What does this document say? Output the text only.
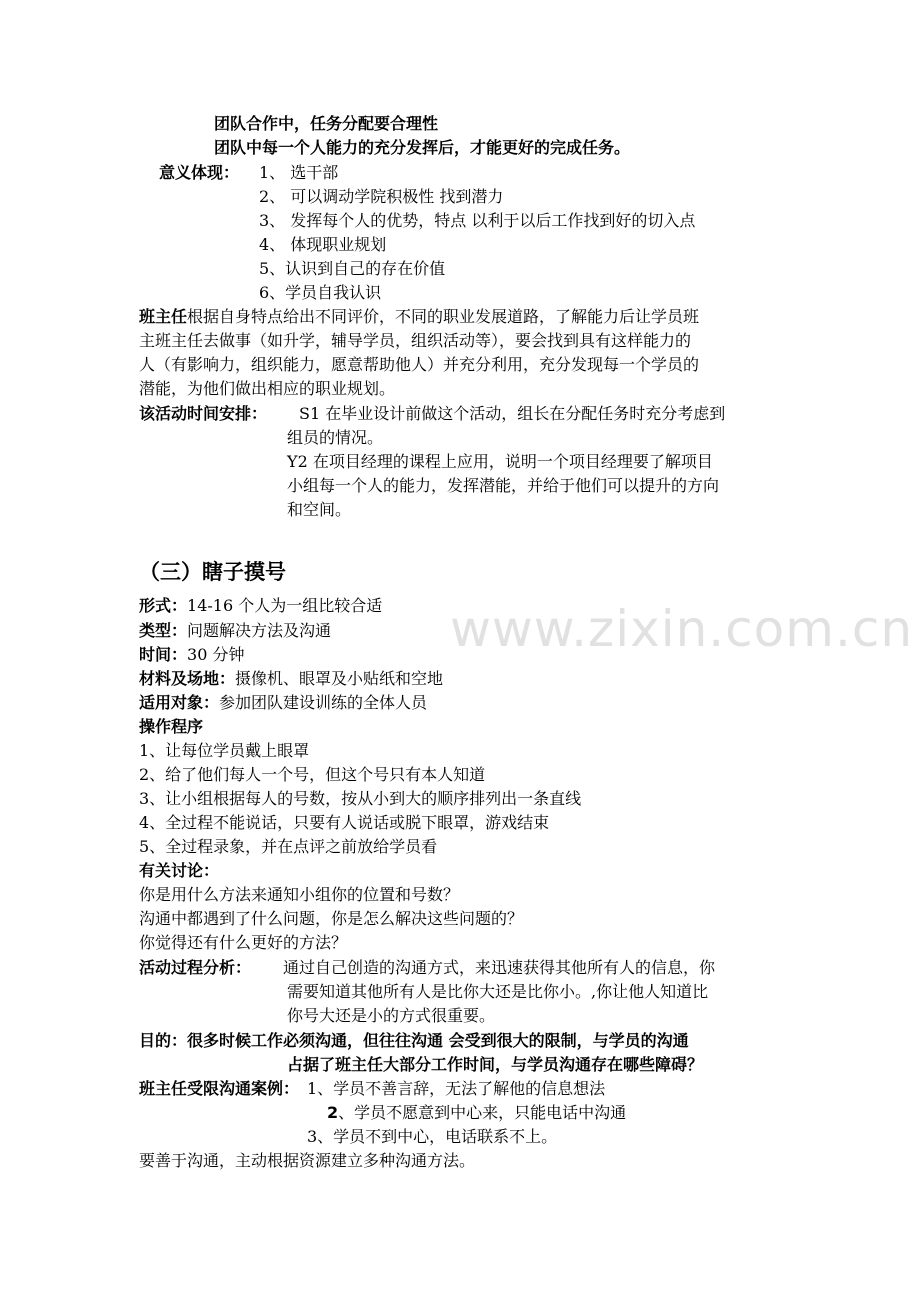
www.zixin.com.cn
团队合作中，任务分配要合理性
团队中每一个人能力的充分发挥后，才能更好的完成任务。
意义体现： 1、 选干部
2、 可以调动学院积极性 找到潜力
3、 发挥每个人的优势，特点 以利于以后工作找到好的切入点
4、 体现职业规划
5、认识到自己的存在价值
6、学员自我认识
班主任 根据自身特点给出不同评价，不同的职业发展道路，了解能力后让学员班
主班主任去做事（如升学，辅导学员，组织活动等），要会找到具有这样能力的
人（有影响力，组织能力，愿意帮助他人）并充分利用，充分发现每一个学员的
潜能，为他们做出相应的职业规划。
该活动时间安排： S1 在毕业设计前做这个活动，组长在分配任务时充分考虑到
组员的情况。
Y2 在项目经理的课程上应用，说明一个项目经理要了解项目
小组每一个人的能力，发挥潜能，并给于他们可以提升的方向
和空间。
（三）瞎子摸号
形式：14-16 个人为一组比较合适
类型：问题解决方法及沟通
时间：30 分钟
材料及场地：摄像机、眼罩及小贴纸和空地
适用对象：参加团队建设训练的全体人员
操作程序
1、让每位学员戴上眼罩
2、给了他们每人一个号，但这个号只有本人知道
3、让小组根据每人的号数，按从小到大的顺序排列出一条直线
4、全过程不能说话，只要有人说话或脱下眼罩，游戏结束
5、全过程录象，并在点评之前放给学员看
有关讨论：
你是用什么方法来通知小组你的位置和号数？
沟通中都遇到了什么问题，你是怎么解决这些问题的？
你觉得还有什么更好的方法？
活动过程分析： 通过自己创造的沟通方式，来迅速获得其他所有人的信息，你
需要知道其他所有人是比你大还是比你小。,你让他人知道比
你号大还是小的方式很重要。
目的：很多时候工作必须沟通，但往往沟通 会受到很大的限制，与学员的沟通
占据了班主任大部分工作时间，与学员沟通存在哪些障碍？
班主任受限沟通案例： 1、学员不善言辞，无法了解他的信息想法
2、学员不愿意到中心来，只能电话中沟通
3、学员不到中心，电话联系不上。
要善于沟通，主动根据资源建立多种沟通方法。
